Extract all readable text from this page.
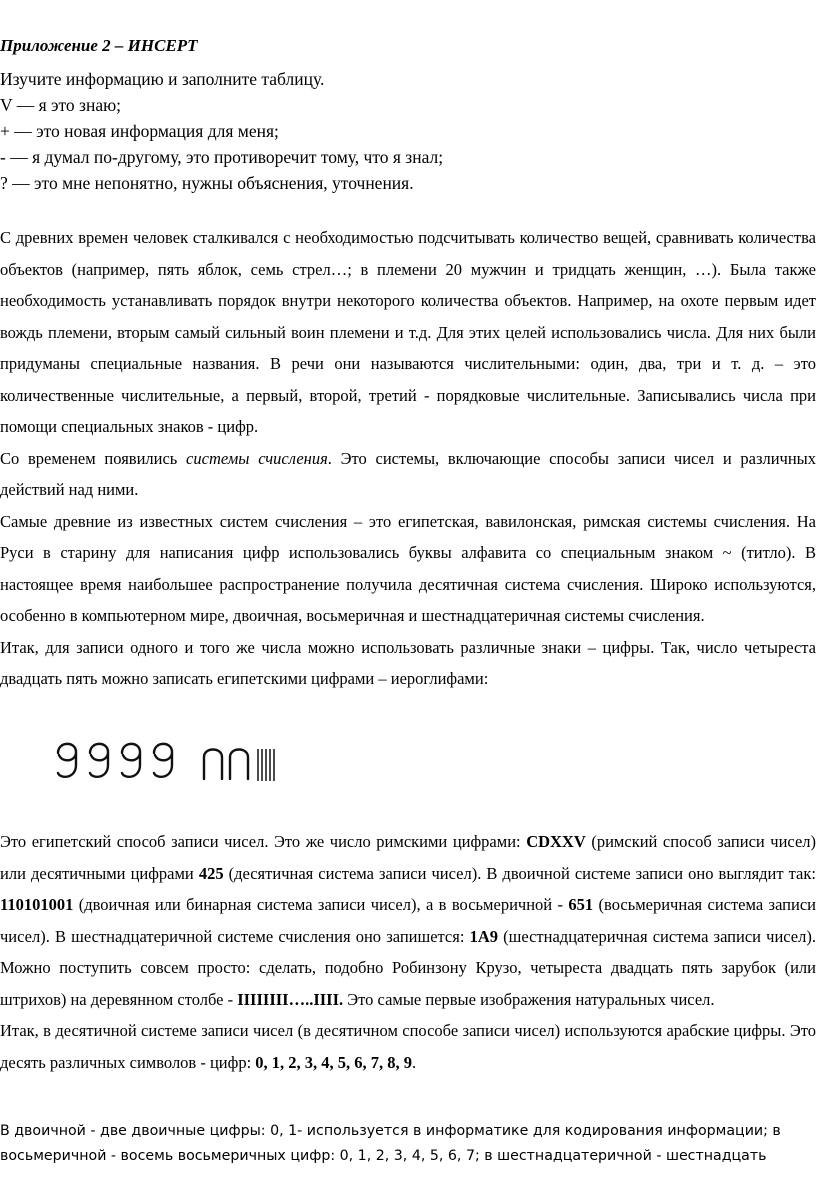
Приложение 2 – ИНСЕРТ
Изучите информацию и заполните таблицу.
V — я это знаю;
+ — это новая информация для меня;
- — я думал по-другому, это противоречит тому, что я знал;
? — это мне непонятно, нужны объяснения, уточнения.

С древних времен человек сталкивался с необходимостью подсчитывать количество вещей, сравнивать количества объектов (например, пять яблок, семь стрел…; в племени 20 мужчин и тридцать женщин, …). Была также необходимость устанавливать порядок внутри некоторого количества объектов. Например, на охоте первым идет вождь племени, вторым самый сильный воин племени и т.д. Для этих целей использовались числа. Для них были придуманы специальные названия. В речи они называются числительными: один, два, три и т. д. – это количественные числительные, а первый, второй, третий - порядковые числительные. Записывались числа при помощи специальных знаков - цифр.

Со временем появились системы счисления. Это системы, включающие способы записи чисел и различных действий над ними.

Самые древние из известных систем счисления – это египетская, вавилонская, римская системы счисления. На Руси в старину для написания цифр использовались буквы алфавита со специальным знаком ~ (титло). В настоящее время наибольшее распространение получила десятичная система счисления. Широко используются, особенно в компьютерном мире, двоичная, восьмеричная и шестнадцатеричная системы счисления.

Итак, для записи одного и того же числа можно использовать различные знаки – цифры. Так, число четыреста двадцать пять можно записать египетскими цифрами – иероглифами:

Это египетский способ записи чисел. Это же число римскими цифрами: CDXXV (римский способ записи чисел) или десятичными цифрами 425 (десятичная система записи чисел). В двоичной системе записи оно выглядит так: 110101001 (двоичная или бинарная система записи чисел), а в восьмеричной - 651 (восьмеричная система записи чисел). В шестнадцатеричной системе счисления оно запишется: 1A9 (шестнадцатеричная система записи чисел). Можно поступить совсем просто: сделать, подобно Робинзону Крузо, четыреста двадцать пять зарубок (или штрихов) на деревянном столбе - IIIIIIII…..IIII. Это самые первые изображения натуральных чисел.

Итак, в десятичной системе записи чисел (в десятичном способе записи чисел) используются арабские цифры. Это десять различных символов - цифр: 0, 1, 2, 3, 4, 5, 6, 7, 8, 9.

В двоичной - две двоичные цифры: 0, 1- используется в информатике для кодирования информации; в восьмеричной - восемь восьмеричных цифр: 0, 1, 2, 3, 4, 5, 6, 7; в шестнадцатеричной - шестнадцать
